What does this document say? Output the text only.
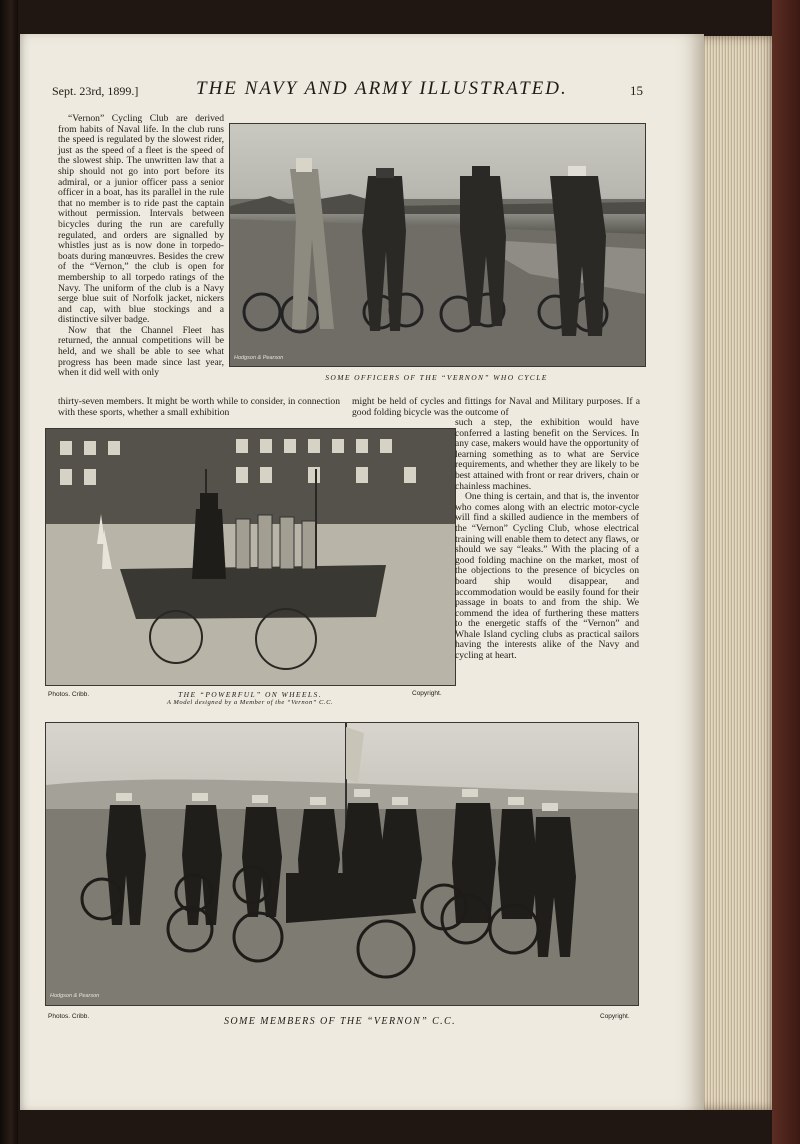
Sept. 23rd, 1899.]	THE NAVY AND ARMY ILLUSTRATED.	15

“Vernon” Cycling Club are derived from habits of Naval life. In the club runs the speed is regulated by the slowest rider, just as the speed of a fleet is the speed of the slowest ship. The unwritten law that a ship should not go into port before its admiral, or a junior officer pass a senior officer in a boat, has its parallel in the rule that no member is to ride past the captain without permission. Intervals between bicycles during the run are carefully regulated, and orders are signalled by whistles just as is now done in torpedo-boats during manœuvres. Besides the crew of the “Vernon,” the club is open for membership to all torpedo ratings of the Navy. The uniform of the club is a Navy serge blue suit of Norfolk jacket, nickers and cap, with blue stockings and a distinctive silver badge.

Now that the Channel Fleet has returned, the annual competitions will be held, and we shall be able to see what progress has been made since last year, when it did well with only

Hodgson & Pearson
SOME OFFICERS OF THE “VERNON” WHO CYCLE
thirty-seven members. It might be worth while to consider, in connection with these sports, whether a small exhibition
might be held of cycles and fittings for Naval and Military purposes. If a good folding bicycle was the outcome of
Photos. Cribb.	THE “POWERFUL” ON WHEELS.
A Model designed by a Member of the “Vernon” C.C.
Copyright.

such a step, the exhibition would have conferred a lasting benefit on the Services. In any case, makers would have the opportunity of learning something as to what are Service requirements, and whether they are likely to be best attained with front or rear drivers, chain or chainless machines.

One thing is certain, and that is, the inventor who comes along with an electric motor-cycle will find a skilled audience in the members of the “Vernon” Cycling Club, whose electrical training will enable them to detect any flaws, or should we say “leaks.” With the placing of a good folding machine on the market, most of the objections to the presence of bicycles on board ship would disappear, and accommodation would be easily found for their passage in boats to and from the ship. We commend the idea of furthering these matters to the energetic staffs of the “Vernon” and Whale Island cycling clubs as practical sailors having the interests alike of the Navy and cycling at heart.

Hodgson & Pearson
Photos. Cribb.	SOME MEMBERS OF THE “VERNON” C.C.	Copyright.
